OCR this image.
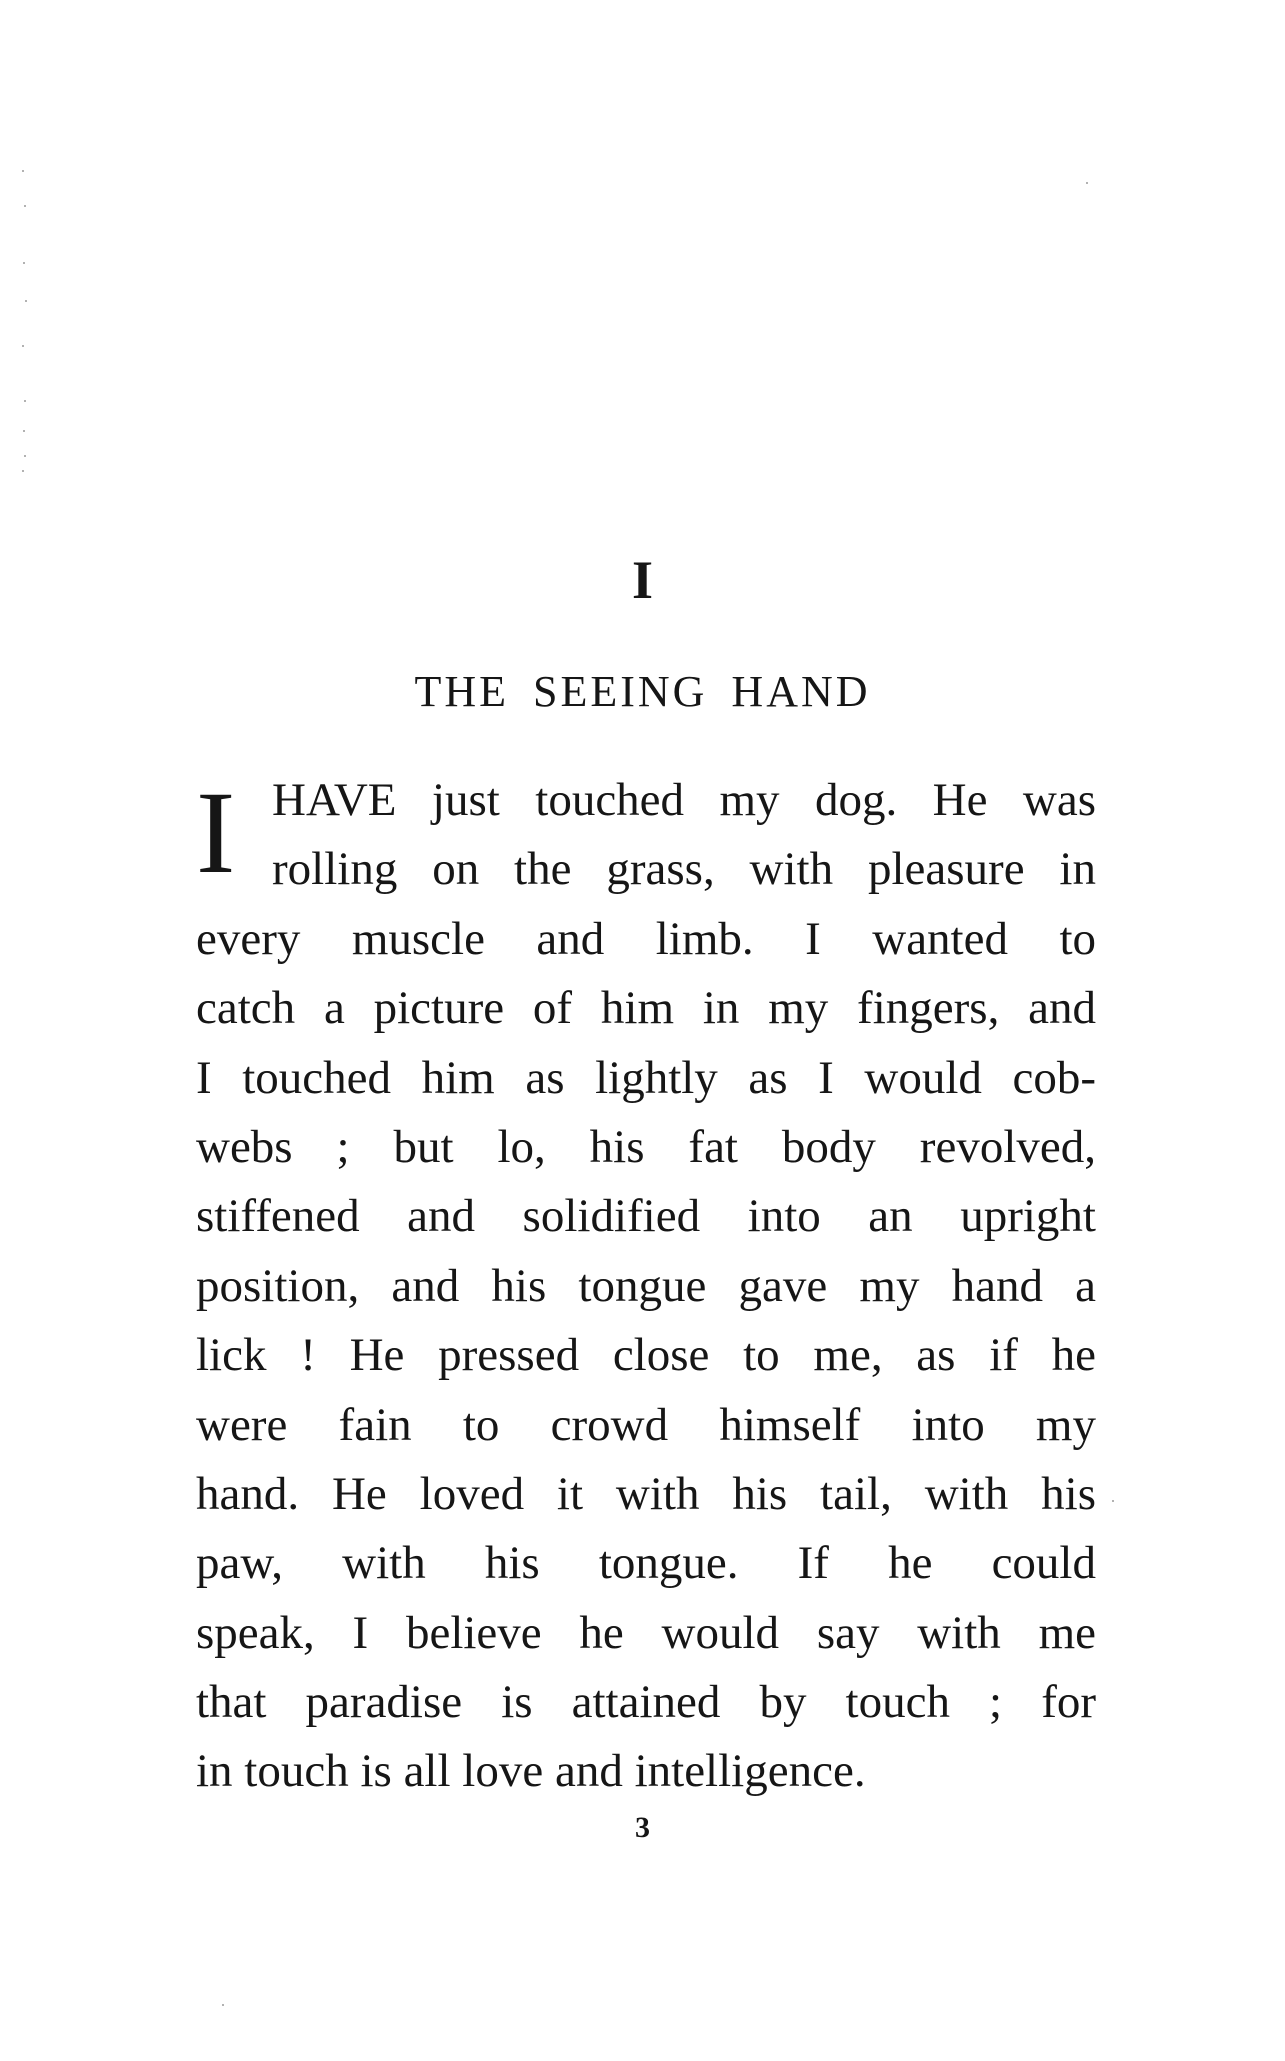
I
THE SEEING HAND
I HAVE just touched my dog. He was
rolling on the grass, with pleasure in
every muscle and limb. I wanted to
catch a picture of him in my fingers, and
I touched him as lightly as I would cob-
webs ; but lo, his fat body revolved,
stiffened and solidified into an upright
position, and his tongue gave my hand a
lick ! He pressed close to me, as if he
were fain to crowd himself into my
hand. He loved it with his tail, with his
paw, with his tongue. If he could
speak, I believe he would say with me
that paradise is attained by touch ; for
in touch is all love and intelligence.
3
